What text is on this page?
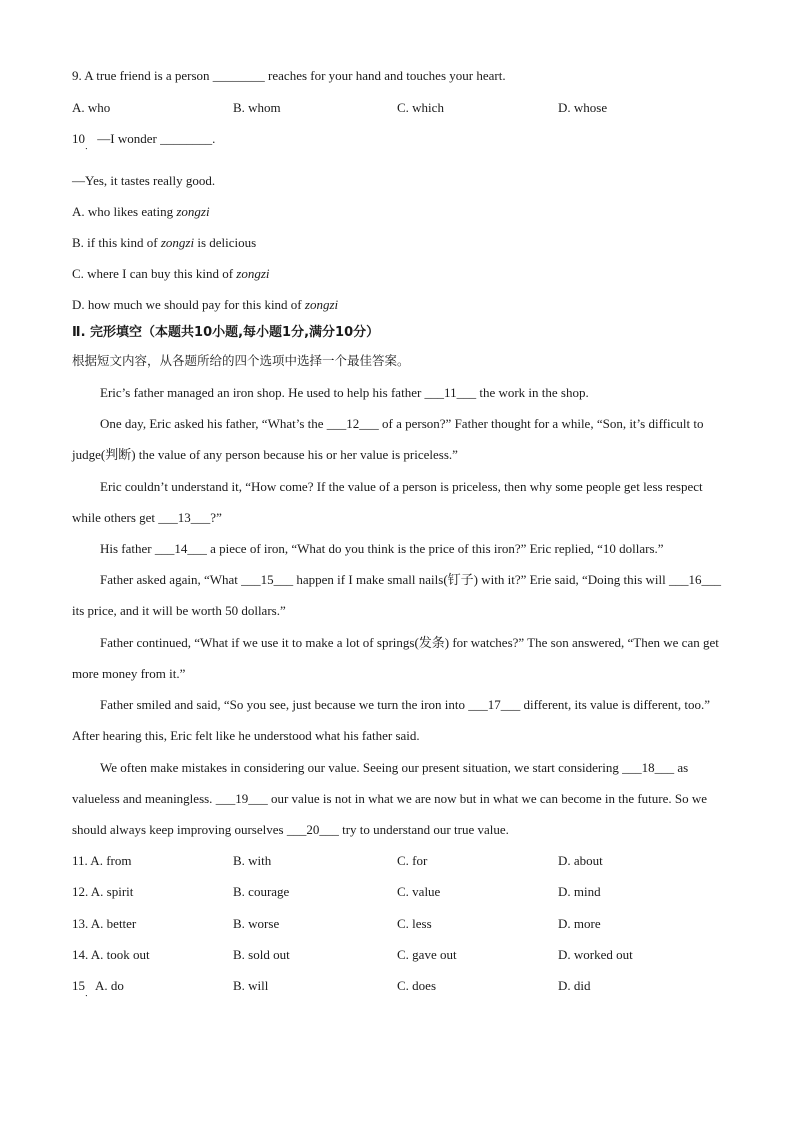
9. A true friend is a person ________ reaches for your hand and touches your heart.
A. who	B. whom	C. which	D. whose
$10_.$ —I wonder ________.
—Yes, it tastes really good.
A. who likes eating zongzi
B. if this kind of zongzi is delicious
C. where I can buy this kind of zongzi
D. how much we should pay for this kind of zongzi
Ⅱ. 完形填空（本题共10小题,每小题1分,满分10分）
根据短文内容，从各题所给的四个选项中选择一个最佳答案。
Eric’s father managed an iron shop. He used to help his father ___11___ the work in the shop.
One day, Eric asked his father, “What’s the ___12___ of a person?” Father thought for a while, “Son, it’s difficult to judge(判断) the value of any person because his or her value is priceless.”
Eric couldn’t understand it, “How come? If the value of a person is priceless, then why some people get less respect while others get ___13___?”
His father ___14___ a piece of iron, “What do you think is the price of this iron?” Eric replied, “10 dollars.”
Father asked again, “What ___15___ happen if I make small nails(钉子) with it?” Erie said, “Doing this will ___16___ its price, and it will be worth 50 dollars.”
Father continued, “What if we use it to make a lot of springs(发条) for watches?” The son answered, “Then we can get more money from it.”
Father smiled and said, “So you see, just because we turn the iron into ___17___ different, its value is different, too.” After hearing this, Eric felt like he understood what his father said.
We often make mistakes in considering our value. Seeing our present situation, we start considering ___18___ as valueless and meaningless. ___19___ our value is not in what we are now but in what we can become in the future. So we should always keep improving ourselves ___20___ try to understand our true value.
11. A. from	B. with	C. for	D. about
12. A. spirit	B. courage	C. value	D. mind
13. A. better	B. worse	C. less	D. more
14. A. took out	B. sold out	C. gave out	D. worked out
$15_.$ A. do	B. will	C. does	D. did
